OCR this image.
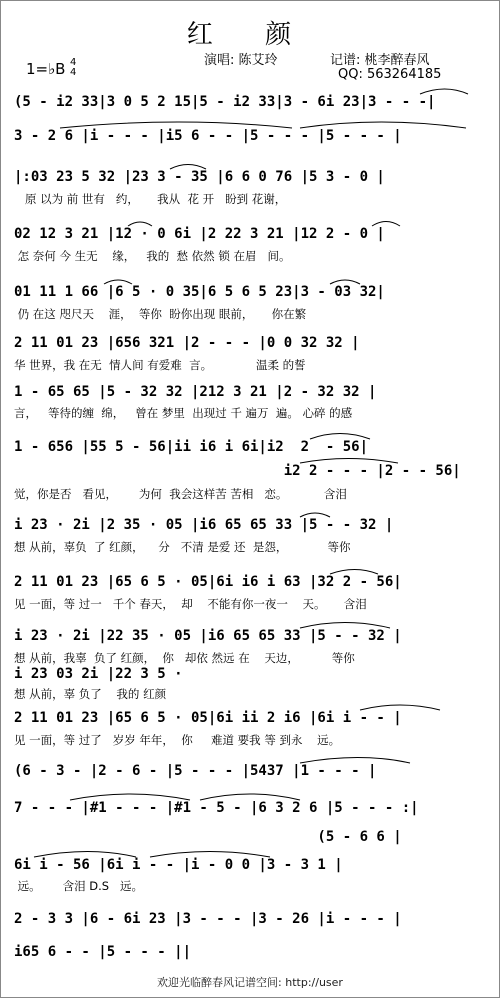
红 颜
演唱: 陈艾玲	记谱: 桃李醉春风
QQ: 563264185
1=♭B 4
4
(5 - i2 33|3 0 5 2 15|5 - i2 33|3 - 6i 23|3 - - -|
3 - 2 6 |i - - - |i5 6 - - |5 - - - |5 - - - |
|:03 23 5 32 |23 3 - 35 |6 6 0 76 |5 3 - 0 |
原 以为 前 世有   约，     我从  花 开   盼到 花谢，
02 12 3 21 |12 · 0 6i |2 22 3 21 |12 2 - 0 |
怎 奈何 今 生无    缘，   我的  愁 依然 锁 在眉   间。
01 11 1 66 |6 5 · 0 35|6 5 6 5 23|3 - 03 32|
仍 在这 咫尺天    涯，  等你  盼你出现 眼前，     你在繁
2 11 01 23 |656 321 |2 - - - |0 0 32 32 |
华 世界，我 在无  情人间 有爱难  言。            温柔 的誓
1 - 65 65 |5 - 32 32 |212 3 21 |2 - 32 32 |
言，   等待的缠  绵，   曾在 梦里  出现过 千 遍万  遍。 心碎 的感
1 - 656 |55 5 - 56|ii i6 i 6i|i2  2  - 56|
i2 2 - - - |2 - - 56|
觉，你是否   看见，      为何  我会这样苦 苦相   恋。          含泪
i 23 · 2i |2 35 · 05 |i6 65 65 33 |5 - - 32 |
想 从前，辜负  了 红颜，    分   不清 是爱 还  是怨，           等你
2 11 01 23 |65 6 5 · 05|6i i6 i 63 |32 2 - 56|
见 一面，等 过一   千个 春天，  却    不能有你一夜一    天。     含泪
i 23 · 2i |22 35 · 05 |i6 65 65 33 |5 - - 32 |
想 从前，我辜  负了 红颜，  你   却依 然远 在    天边，         等你
i 23 03 2i |22 3 5 ·
想 从前，辜 负了    我的 红颜
2 11 01 23 |65 6 5 · 05|6i ii 2 i6 |6i i - - |
见 一面，等 过了   岁岁 年年，  你     难道 要我 等 到永    远。
(6 - 3 - |2 - 6 - |5 - - - |5437 |1 - - - |
7 - - - |#1 - - - |#1 - 5 - |6 3 2 6 |5 - - - :|
(5 - 6 6 |
6i i - 56 |6i i - - |i - 0 0 |3 - 3 1 |
远。      含泪 D.S   远。
2 - 3 3 |6 - 6i 23 |3 - - - |3 - 26 |i - - - |
i65 6 - - |5 - - - ||
欢迎光临醉春风记谱空间: http://user
